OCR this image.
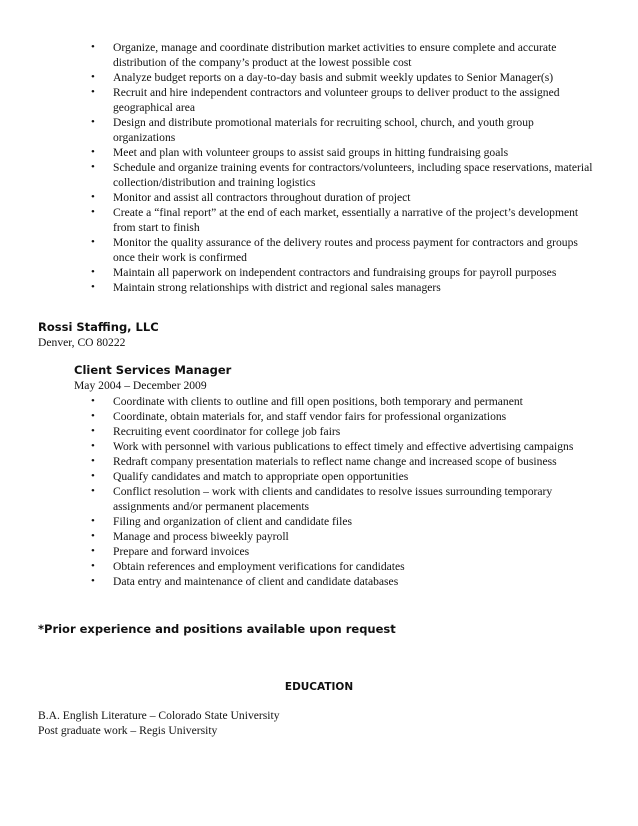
• Organize, manage and coordinate distribution market activities to ensure complete and accurate distribution of the company’s product at the lowest possible cost
• Analyze budget reports on a day-to-day basis and submit weekly updates to Senior Manager(s)
• Recruit and hire independent contractors and volunteer groups to deliver product to the assigned geographical area
• Design and distribute promotional materials for recruiting school, church, and youth group organizations
• Meet and plan with volunteer groups to assist said groups in hitting fundraising goals
• Schedule and organize training events for contractors/volunteers, including space reservations, material collection/distribution and training logistics
• Monitor and assist all contractors throughout duration of project
• Create a “final report” at the end of each market, essentially a narrative of the project’s development from start to finish
• Monitor the quality assurance of the delivery routes and process payment for contractors and groups once their work is confirmed
• Maintain all paperwork on independent contractors and fundraising groups for payroll purposes
• Maintain strong relationships with district and regional sales managers
Rossi Staffing, LLC
Denver, CO 80222
Client Services Manager
May 2004 – December 2009
• Coordinate with clients to outline and fill open positions, both temporary and permanent
• Coordinate, obtain materials for, and staff vendor fairs for professional organizations
• Recruiting event coordinator for college job fairs
• Work with personnel with various publications to effect timely and effective advertising campaigns
• Redraft company presentation materials to reflect name change and increased scope of business
• Qualify candidates and match to appropriate open opportunities
• Conflict resolution – work with clients and candidates to resolve issues surrounding temporary assignments and/or permanent placements
• Filing and organization of client and candidate files
• Manage and process biweekly payroll
• Prepare and forward invoices
• Obtain references and employment verifications for candidates
• Data entry and maintenance of client and candidate databases
*Prior experience and positions available upon request
EDUCATION
B.A. English Literature – Colorado State University
Post graduate work – Regis University
